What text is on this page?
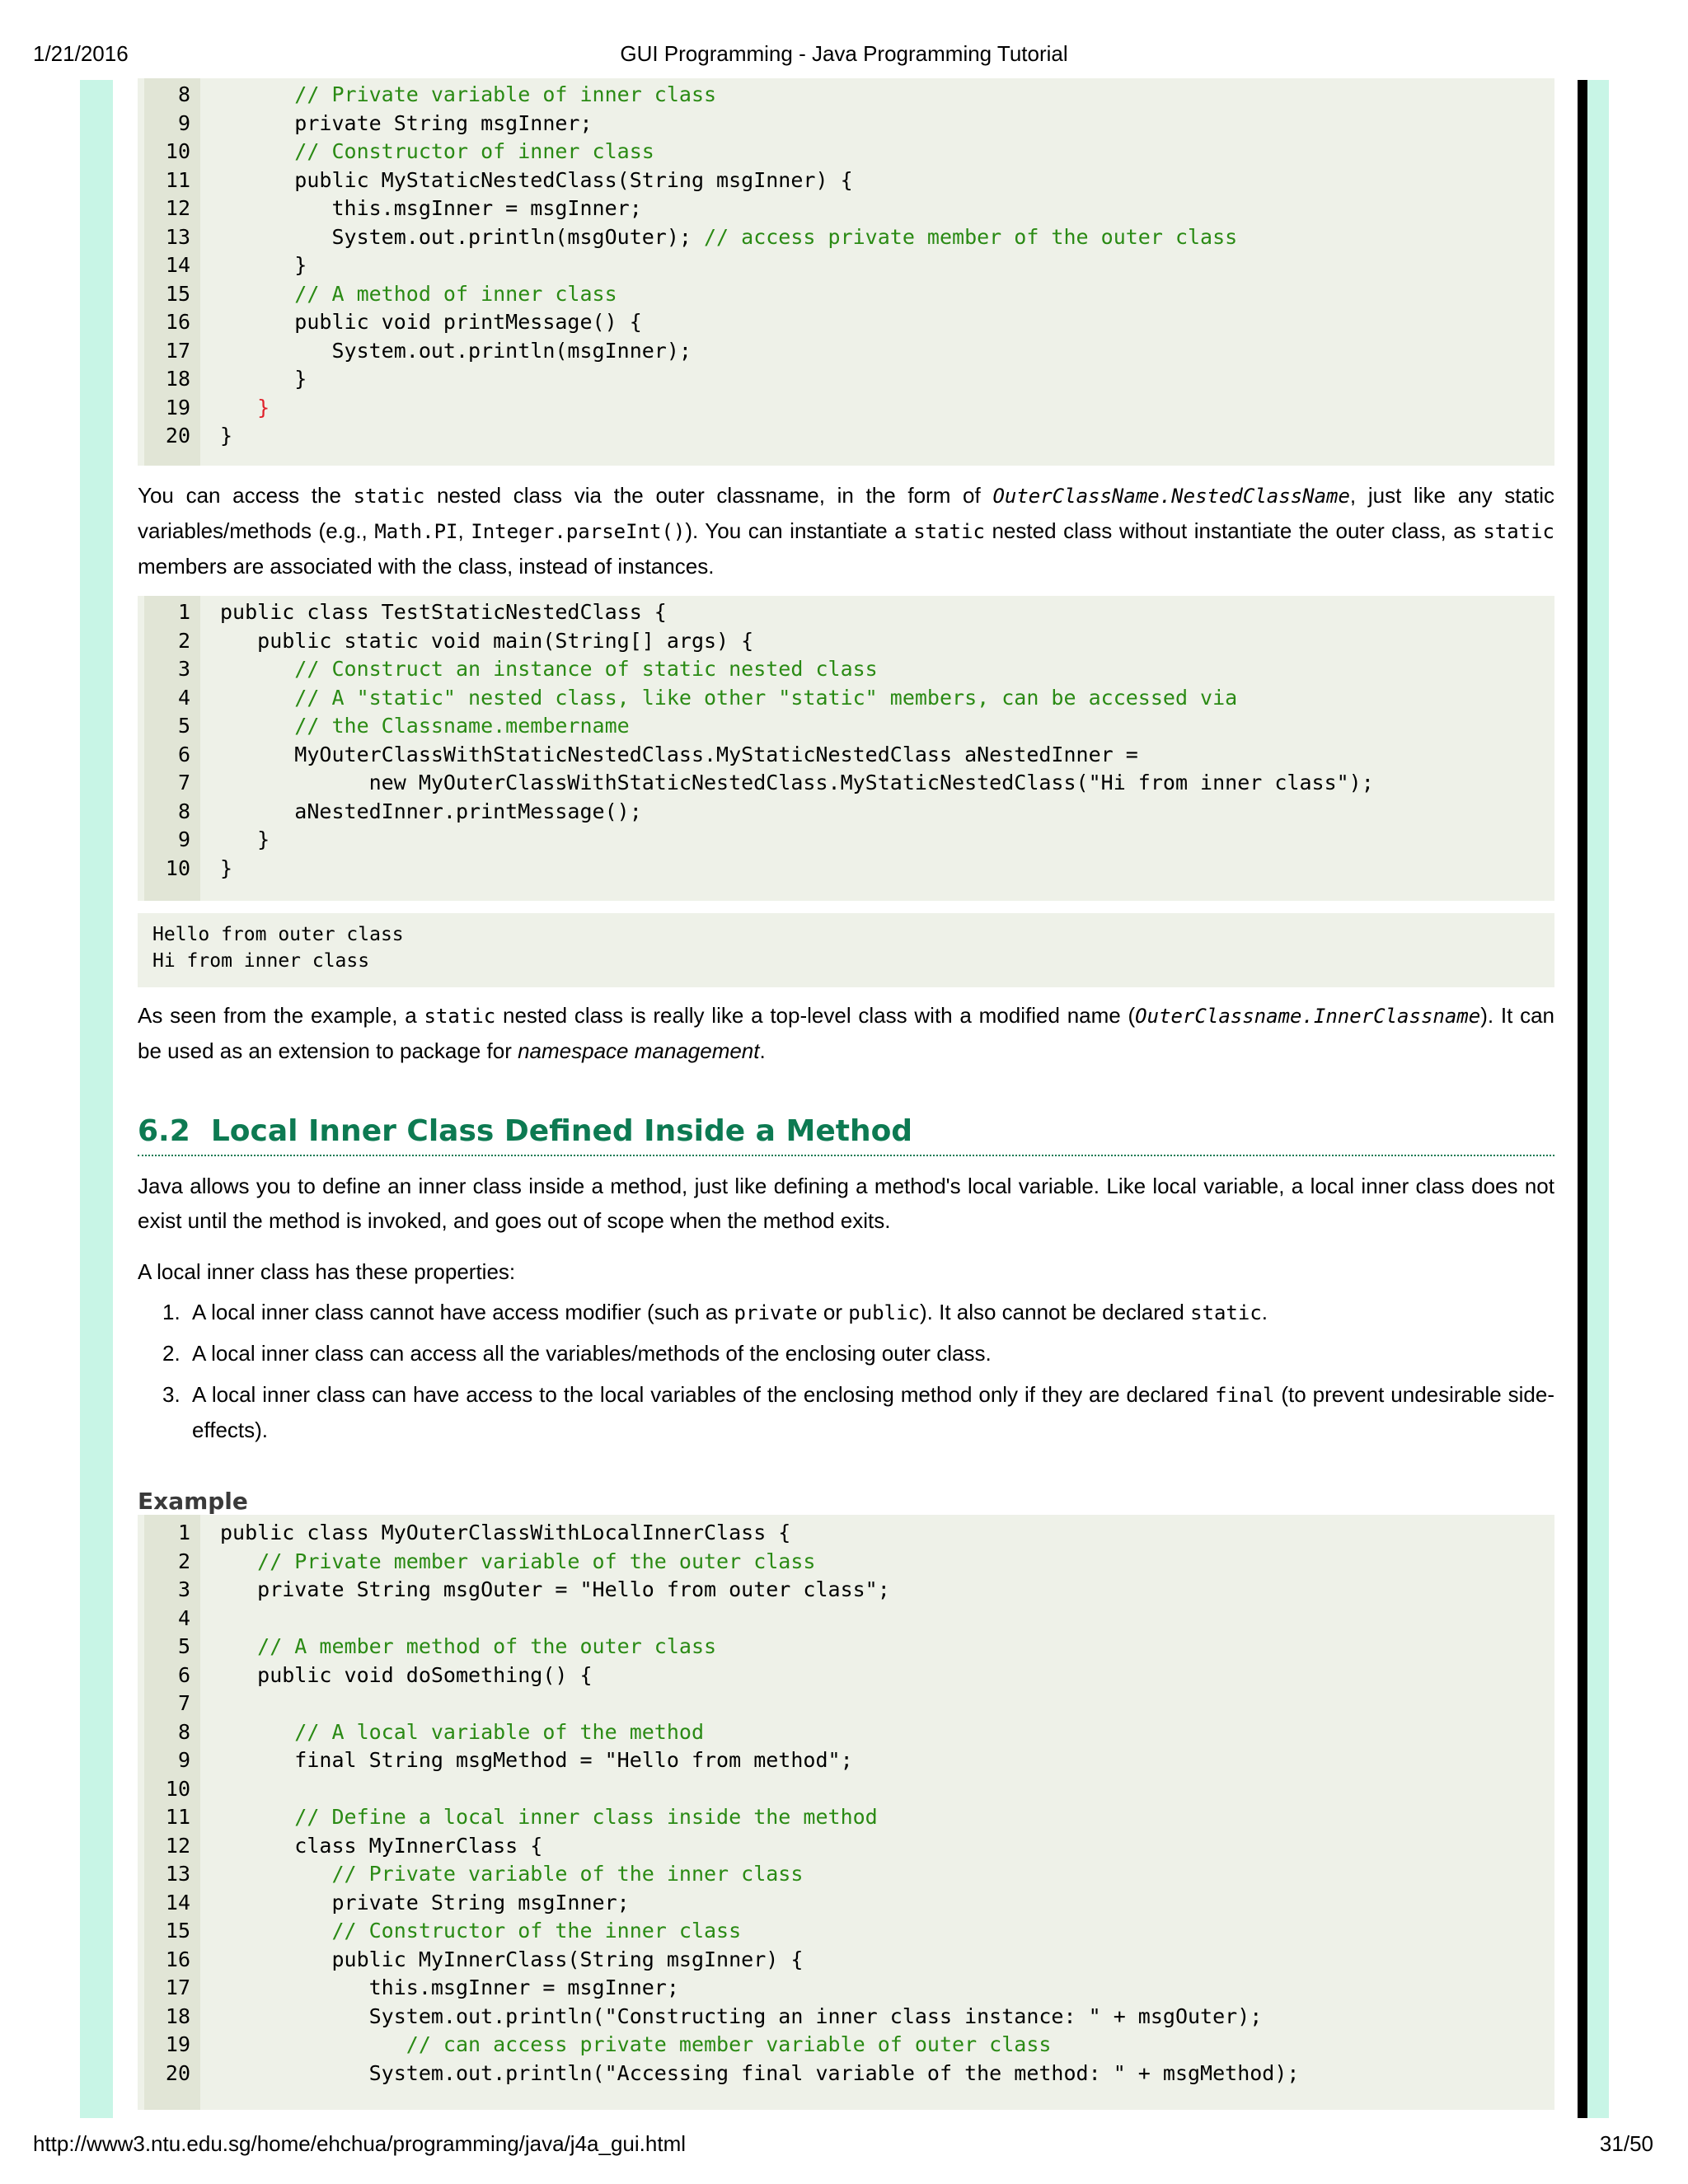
1/21/2016	GUI Programming - Java Programming Tutorial
8 // Private variable of inner class
9 private String msgInner;
10 // Constructor of inner class
11 public MyStaticNestedClass(String msgInner) {
12 this.msgInner = msgInner;
13 System.out.println(msgOuter); // access private member of the outer class
14 }
15 // A method of inner class
16 public void printMessage() {
17 System.out.println(msgInner);
18 }
19 }
20 }
You can access the static nested class via the outer classname, in the form of OuterClassName.NestedClassName, just like any static variables/methods (e.g., Math.PI, Integer.parseInt()). You can instantiate a static nested class without instantiate the outer class, as static members are associated with the class, instead of instances.
1 public class TestStaticNestedClass {
2 public static void main(String[] args) {
3 // Construct an instance of static nested class
4 // A "static" nested class, like other "static" members, can be accessed via
5 // the Classname.membername
6 MyOuterClassWithStaticNestedClass.MyStaticNestedClass aNestedInner =
7 new MyOuterClassWithStaticNestedClass.MyStaticNestedClass("Hi from inner class");
8 aNestedInner.printMessage();
9 }
10 }
Hello from outer class
Hi from inner class
As seen from the example, a static nested class is really like a top-level class with a modified name (OuterClassname.InnerClassname). It can be used as an extension to package for namespace management.
6.2 Local Inner Class Defined Inside a Method
Java allows you to define an inner class inside a method, just like defining a method's local variable. Like local variable, a local inner class does not exist until the method is invoked, and goes out of scope when the method exits.
A local inner class has these properties:
1. A local inner class cannot have access modifier (such as private or public). It also cannot be declared static.
2. A local inner class can access all the variables/methods of the enclosing outer class.
3. A local inner class can have access to the local variables of the enclosing method only if they are declared final (to prevent undesirable side-effects).
Example
1 public class MyOuterClassWithLocalInnerClass {
2 // Private member variable of the outer class
3 private String msgOuter = "Hello from outer class";
4
5 // A member method of the outer class
6 public void doSomething() {
7
8 // A local variable of the method
9 final String msgMethod = "Hello from method";
10
11 // Define a local inner class inside the method
12 class MyInnerClass {
13 // Private variable of the inner class
14 private String msgInner;
15 // Constructor of the inner class
16 public MyInnerClass(String msgInner) {
17 this.msgInner = msgInner;
18 System.out.println("Constructing an inner class instance: " + msgOuter);
19 // can access private member variable of outer class
20 System.out.println("Accessing final variable of the method: " + msgMethod);
http://www3.ntu.edu.sg/home/ehchua/programming/java/j4a_gui.html	31/50
